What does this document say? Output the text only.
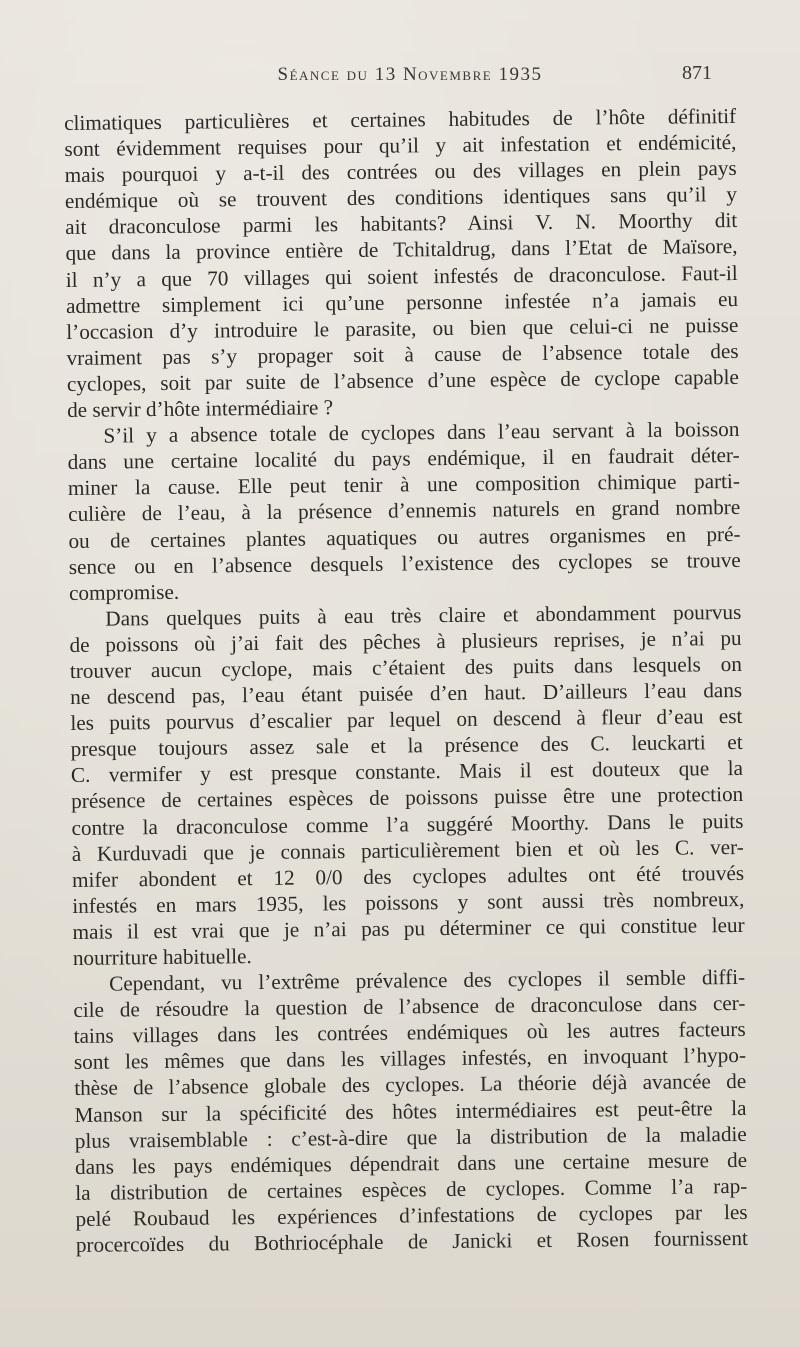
Séance du 13 Novembre 1935	871
climatiques particulières et certaines habitudes de l’hôte définitif
sont évidemment requises pour qu’il y ait infestation et endémicité,
mais pourquoi y a-t-il des contrées ou des villages en plein pays
endémique où se trouvent des conditions identiques sans qu’il y
ait draconculose parmi les habitants? Ainsi V. N. Moorthy dit
que dans la province entière de Tchitaldrug, dans l’Etat de Maïsore,
il n’y a que 70 villages qui soient infestés de draconculose. Faut-il
admettre simplement ici qu’une personne infestée n’a jamais eu
l’occasion d’y introduire le parasite, ou bien que celui-ci ne puisse
vraiment pas s’y propager soit à cause de l’absence totale des
cyclopes, soit par suite de l’absence d’une espèce de cyclope capable
de servir d’hôte intermédiaire ?
S’il y a absence totale de cyclopes dans l’eau servant à la boisson
dans une certaine localité du pays endémique, il en faudrait déter-
miner la cause. Elle peut tenir à une composition chimique parti-
culière de l’eau, à la présence d’ennemis naturels en grand nombre
ou de certaines plantes aquatiques ou autres organismes en pré-
sence ou en l’absence desquels l’existence des cyclopes se trouve
compromise.
Dans quelques puits à eau très claire et abondamment pourvus
de poissons où j’ai fait des pêches à plusieurs reprises, je n’ai pu
trouver aucun cyclope, mais c’étaient des puits dans lesquels on
ne descend pas, l’eau étant puisée d’en haut. D’ailleurs l’eau dans
les puits pourvus d’escalier par lequel on descend à fleur d’eau est
presque toujours assez sale et la présence des C. leuckarti et
C. vermifer y est presque constante. Mais il est douteux que la
présence de certaines espèces de poissons puisse être une protection
contre la draconculose comme l’a suggéré Moorthy. Dans le puits
à Kurduvadi que je connais particulièrement bien et où les C. ver-
mifer abondent et 12 0/0 des cyclopes adultes ont été trouvés
infestés en mars 1935, les poissons y sont aussi très nombreux,
mais il est vrai que je n’ai pas pu déterminer ce qui constitue leur
nourriture habituelle.
Cependant, vu l’extrême prévalence des cyclopes il semble diffi-
cile de résoudre la question de l’absence de draconculose dans cer-
tains villages dans les contrées endémiques où les autres facteurs
sont les mêmes que dans les villages infestés, en invoquant l’hypo-
thèse de l’absence globale des cyclopes. La théorie déjà avancée de
Manson sur la spécificité des hôtes intermédiaires est peut-être la
plus vraisemblable : c’est-à-dire que la distribution de la maladie
dans les pays endémiques dépendrait dans une certaine mesure de
la distribution de certaines espèces de cyclopes. Comme l’a rap-
pelé Roubaud les expériences d’infestations de cyclopes par les
procercoïdes du Bothriocéphale de Janicki et Rosen fournissent
